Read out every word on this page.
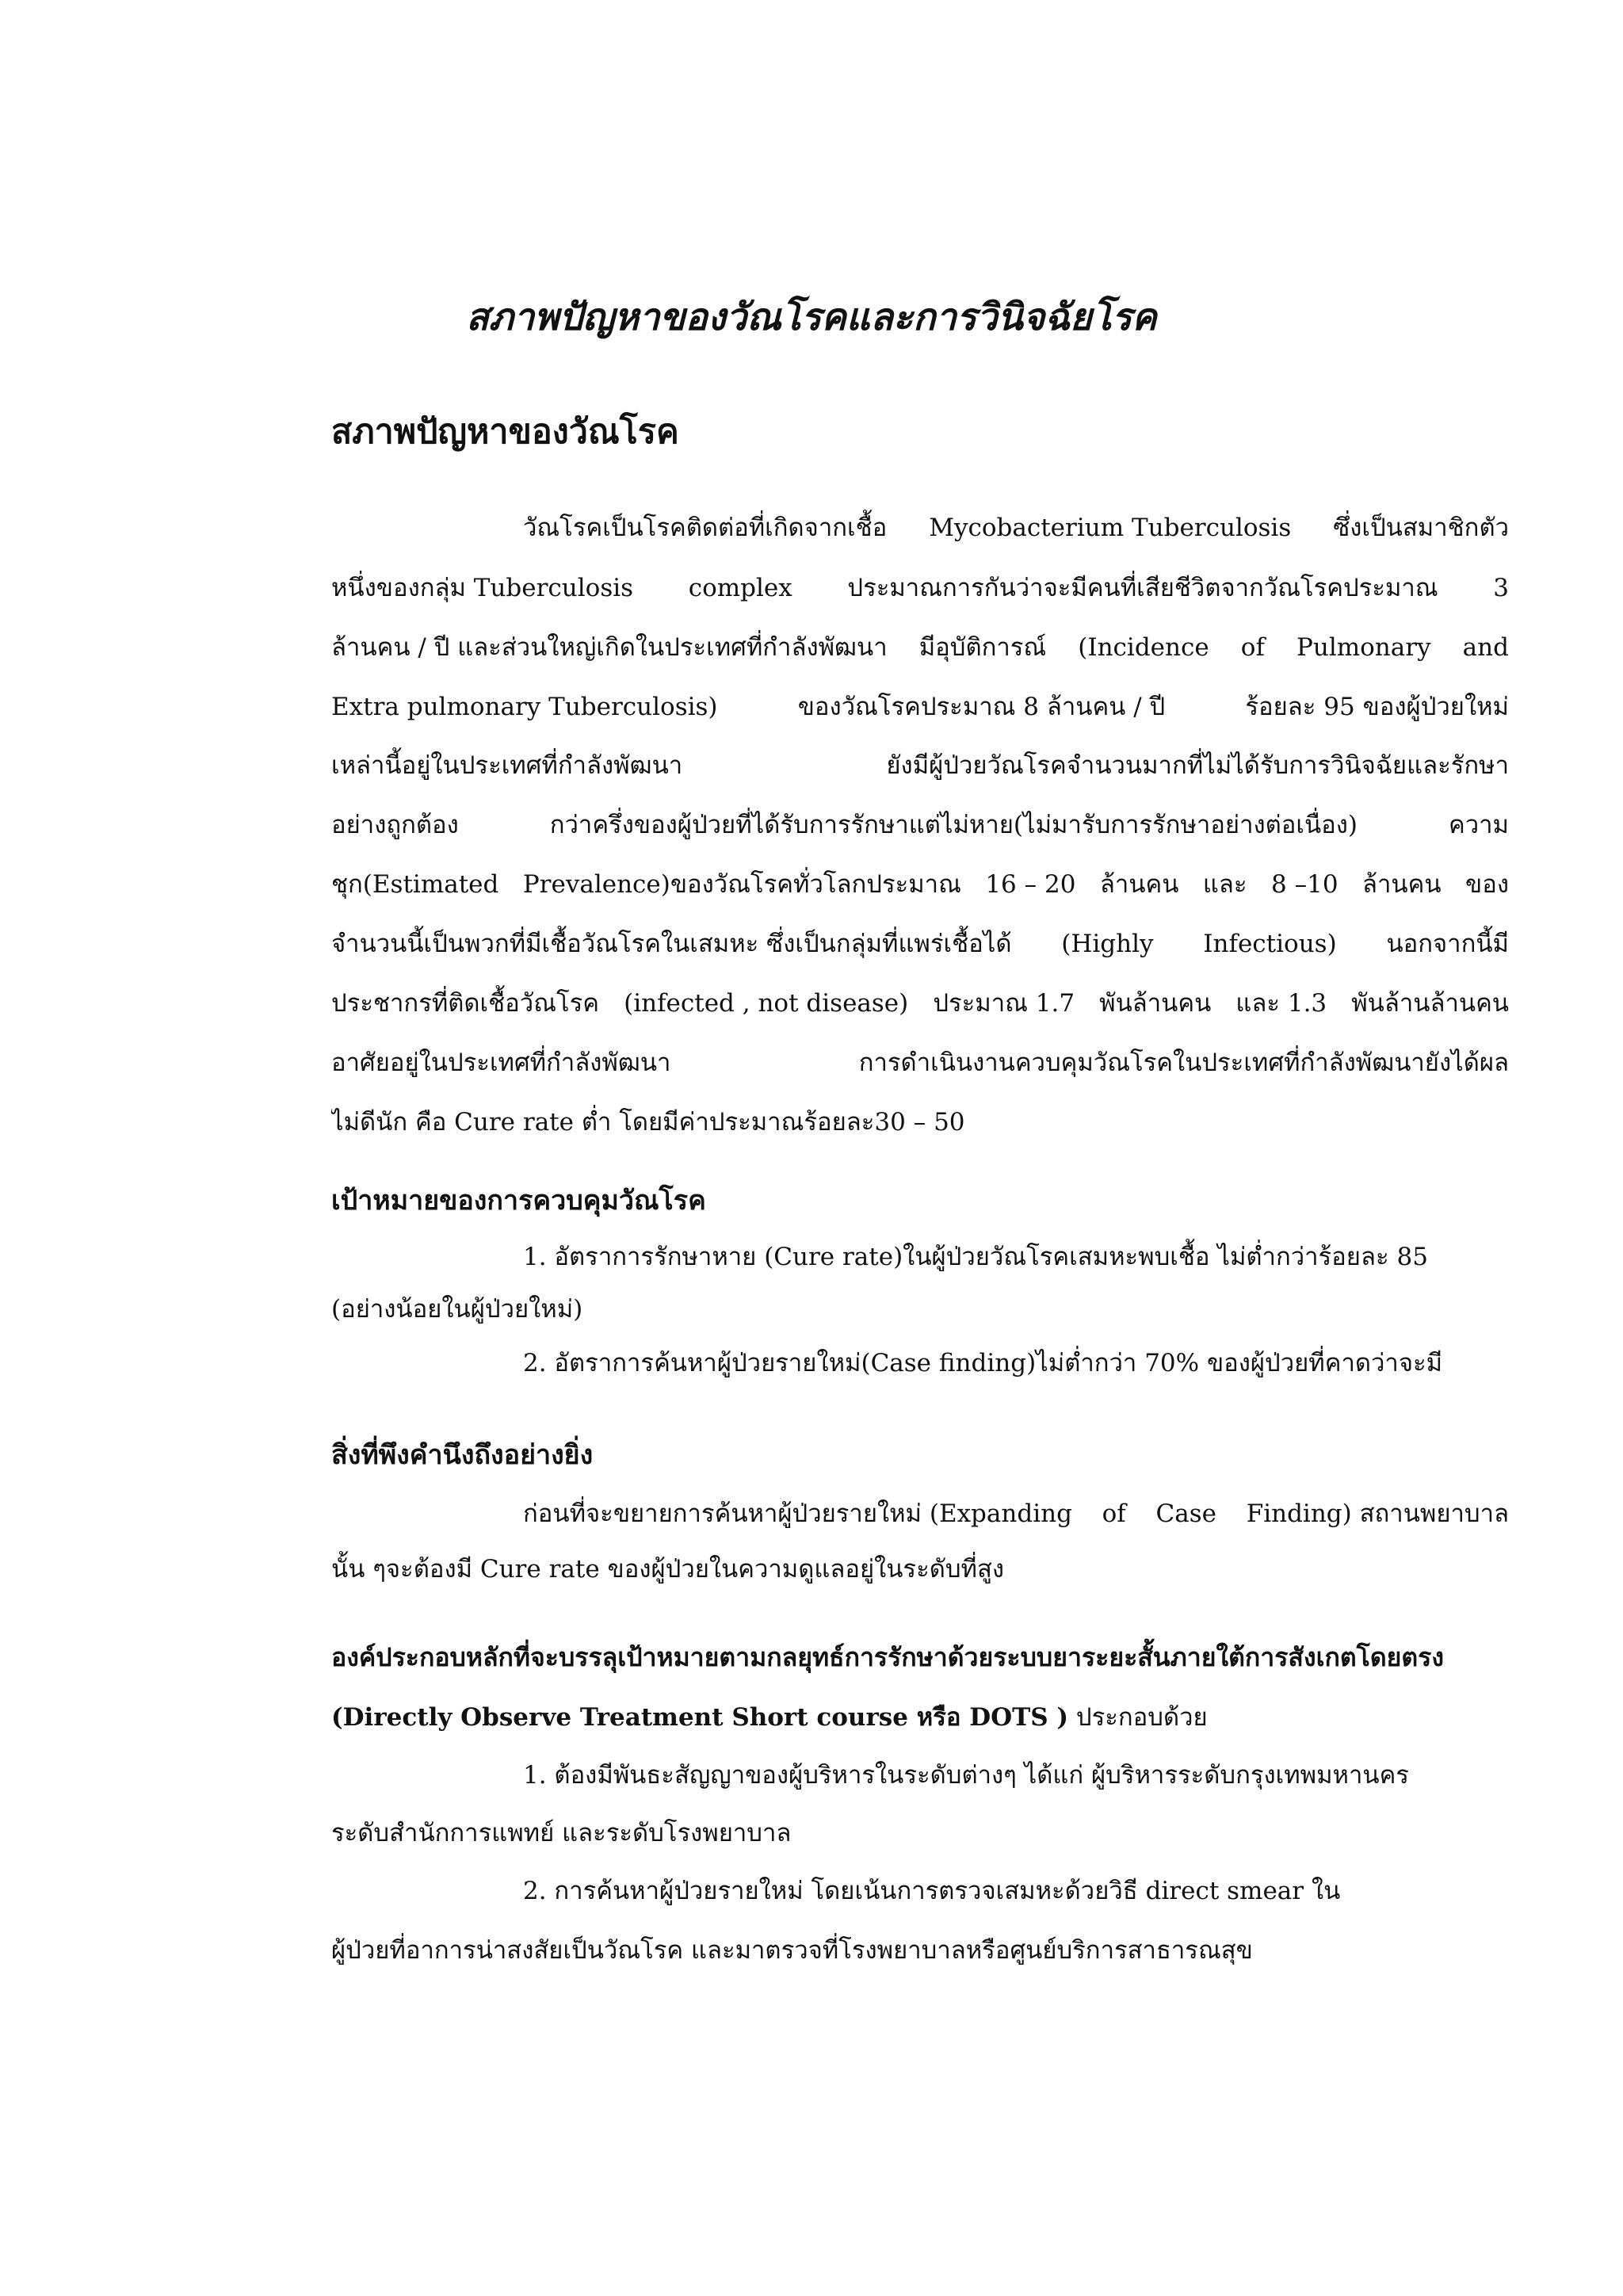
สภาพปัญหาของวัณโรคและการวินิจฉัยโรค
สภาพปัญหาของวัณโรค

วัณโรคเป็นโรคติดต่อที่เกิดจากเชื้อ Mycobacterium Tuberculosis ซึ่งเป็นสมาชิกตัว

หนึ่งของกลุ่ม Tuberculosis complex ประมาณการกันว่าจะมีคนที่เสียชีวิตจากวัณโรคประมาณ 3

ล้านคน / ปี และส่วนใหญ่เกิดในประเทศที่กำลังพัฒนา มีอุบัติการณ์ (Incidence of Pulmonary and

Extra pulmonary Tuberculosis)	ของวัณโรคประมาณ 8 ล้านคน / ปี	ร้อยละ 95 ของผู้ป่วยใหม่

เหล่านี้อยู่ในประเทศที่กำลังพัฒนา	ยังมีผู้ป่วยวัณโรคจำนวนมากที่ไม่ได้รับการวินิจฉัยและรักษา

อย่างถูกต้อง	กว่าครึ่งของผู้ป่วยที่ได้รับการรักษาแต่ไม่หาย(ไม่มารับการรักษาอย่างต่อเนื่อง)	ความ

ชุก(Estimated Prevalence)ของวัณโรคทั่วโลกประมาณ 16 – 20 ล้านคน และ 8 –10 ล้านคน ของ

จำนวนนี้เป็นพวกที่มีเชื้อวัณโรคในเสมหะ ซึ่งเป็นกลุ่มที่แพร่เชื้อได้ (Highly Infectious) นอกจากนี้มี

ประชากรที่ติดเชื้อวัณโรค (infected , not disease) ประมาณ 1.7 พันล้านคน และ 1.3 พันล้านล้านคน

อาศัยอยู่ในประเทศที่กำลังพัฒนา	การดำเนินงานควบคุมวัณโรคในประเทศที่กำลังพัฒนายังได้ผล

ไม่ดีนัก คือ Cure rate ต่ำ โดยมีค่าประมาณร้อยละ30 – 50

เป้าหมายของการควบคุมวัณโรค

1. อัตราการรักษาหาย (Cure rate)ในผู้ป่วยวัณโรคเสมหะพบเชื้อ ไม่ต่ำกว่าร้อยละ 85

(อย่างน้อยในผู้ป่วยใหม่)

2. อัตราการค้นหาผู้ป่วยรายใหม่(Case finding)ไม่ต่ำกว่า 70% ของผู้ป่วยที่คาดว่าจะมี

สิ่งที่พึงคำนึงถึงอย่างยิ่ง

ก่อนที่จะขยายการค้นหาผู้ป่วยรายใหม่ (Expanding of Case Finding) สถานพยาบาล

นั้น ๆจะต้องมี Cure rate ของผู้ป่วยในความดูแลอยู่ในระดับที่สูง

องค์ประกอบหลักที่จะบรรลุเป้าหมายตามกลยุทธ์การรักษาด้วยระบบยาระยะสั้นภายใต้การสังเกตโดยตรง

(Directly Observe Treatment Short course หรือ DOTS ) ประกอบด้วย

1. ต้องมีพันธะสัญญาของผู้บริหารในระดับต่างๆ ได้แก่ ผู้บริหารระดับกรุงเทพมหานคร

ระดับสำนักการแพทย์ และระดับโรงพยาบาล

2. การค้นหาผู้ป่วยรายใหม่ โดยเน้นการตรวจเสมหะด้วยวิธี direct smear ใน

ผู้ป่วยที่อาการน่าสงสัยเป็นวัณโรค และมาตรวจที่โรงพยาบาลหรือศูนย์บริการสาธารณสุข
